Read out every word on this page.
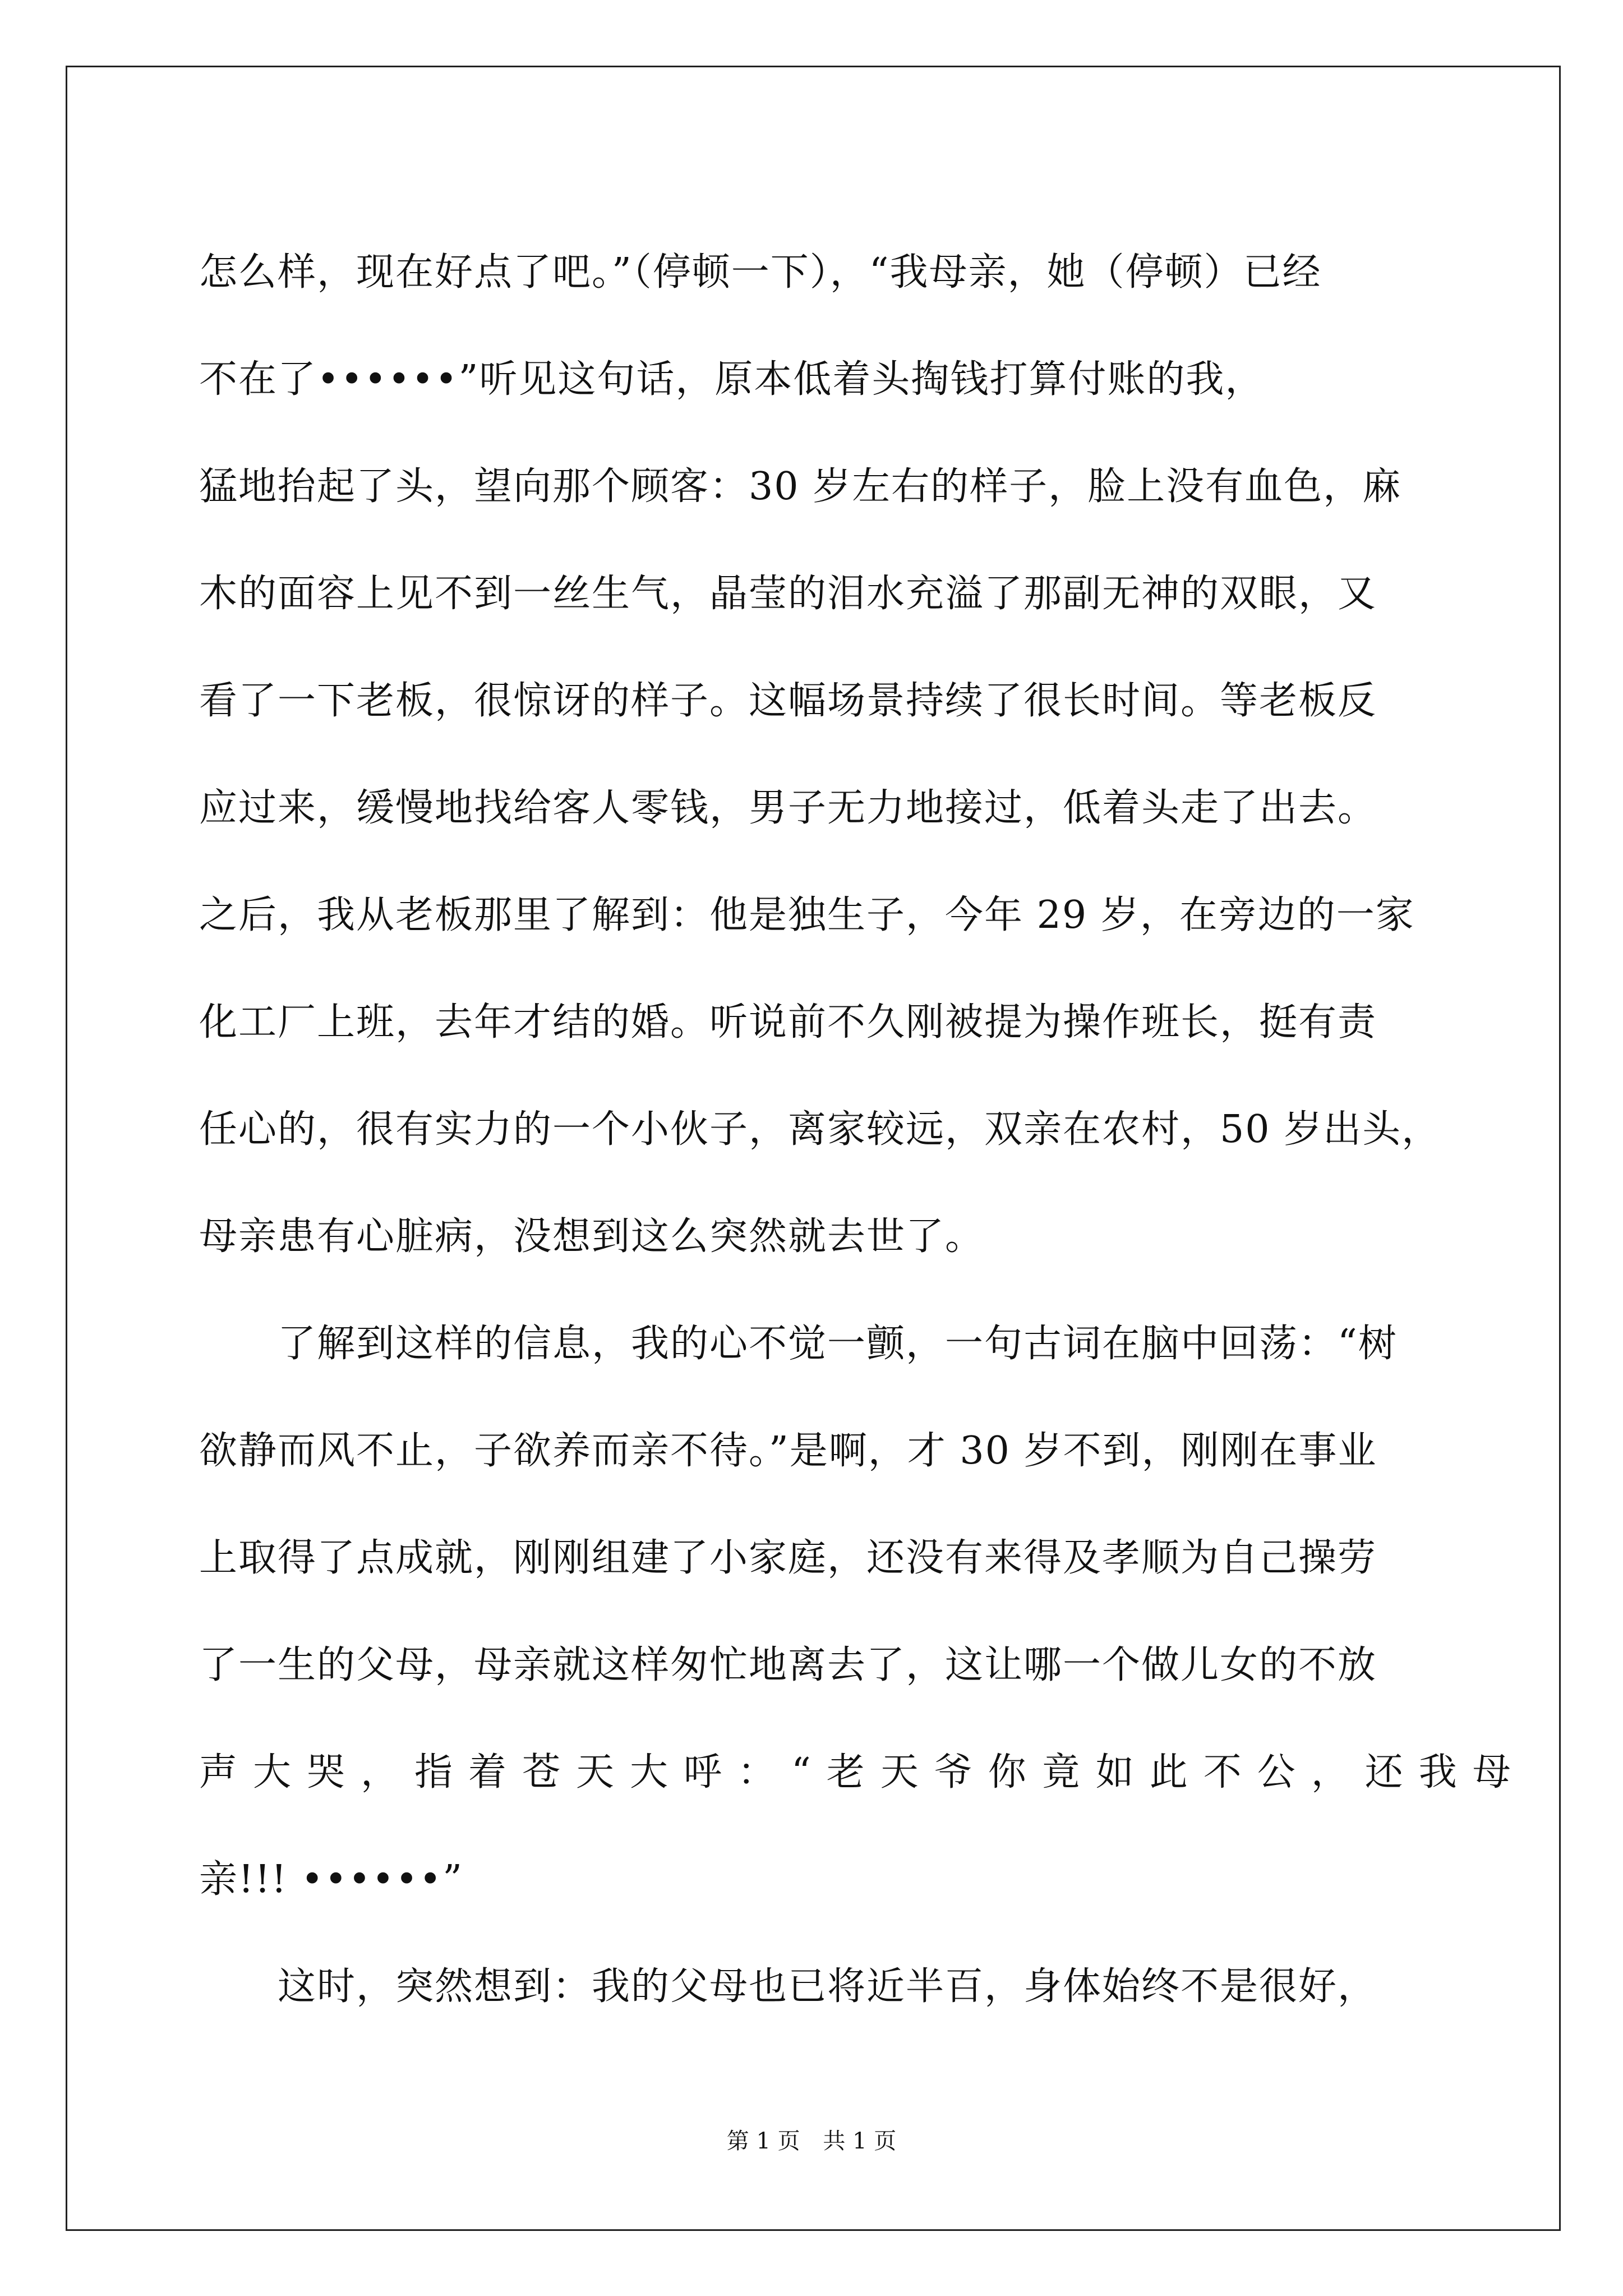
怎么样，现在好点了吧。”（停顿一下），“我母亲，她（停顿）已经
不在了••••••”听见这句话，原本低着头掏钱打算付账的我，
猛地抬起了头，望向那个顾客：30 岁左右的样子，脸上没有血色，麻
木的面容上见不到一丝生气，晶莹的泪水充溢了那副无神的双眼，又
看了一下老板，很惊讶的样子。这幅场景持续了很长时间。等老板反
应过来，缓慢地找给客人零钱，男子无力地接过，低着头走了出去。
之后，我从老板那里了解到：他是独生子，今年 29 岁，在旁边的一家
化工厂上班，去年才结的婚。听说前不久刚被提为操作班长，挺有责
任心的，很有实力的一个小伙子，离家较远，双亲在农村，50 岁出头，
母亲患有心脏病，没想到这么突然就去世了。

了解到这样的信息，我的心不觉一颤，一句古词在脑中回荡：“树
欲静而风不止，子欲养而亲不待。”是啊，才 30 岁不到，刚刚在事业
上取得了点成就，刚刚组建了小家庭，还没有来得及孝顺为自己操劳
了一生的父母，母亲就这样匆忙地离去了，这让哪一个做儿女的不放
声大哭，指着苍天大呼：“老天爷你竟如此不公，还我母
亲!!! ••••••”

这时，突然想到：我的父母也已将近半百，身体始终不是很好，

第 1 页 共 1 页
